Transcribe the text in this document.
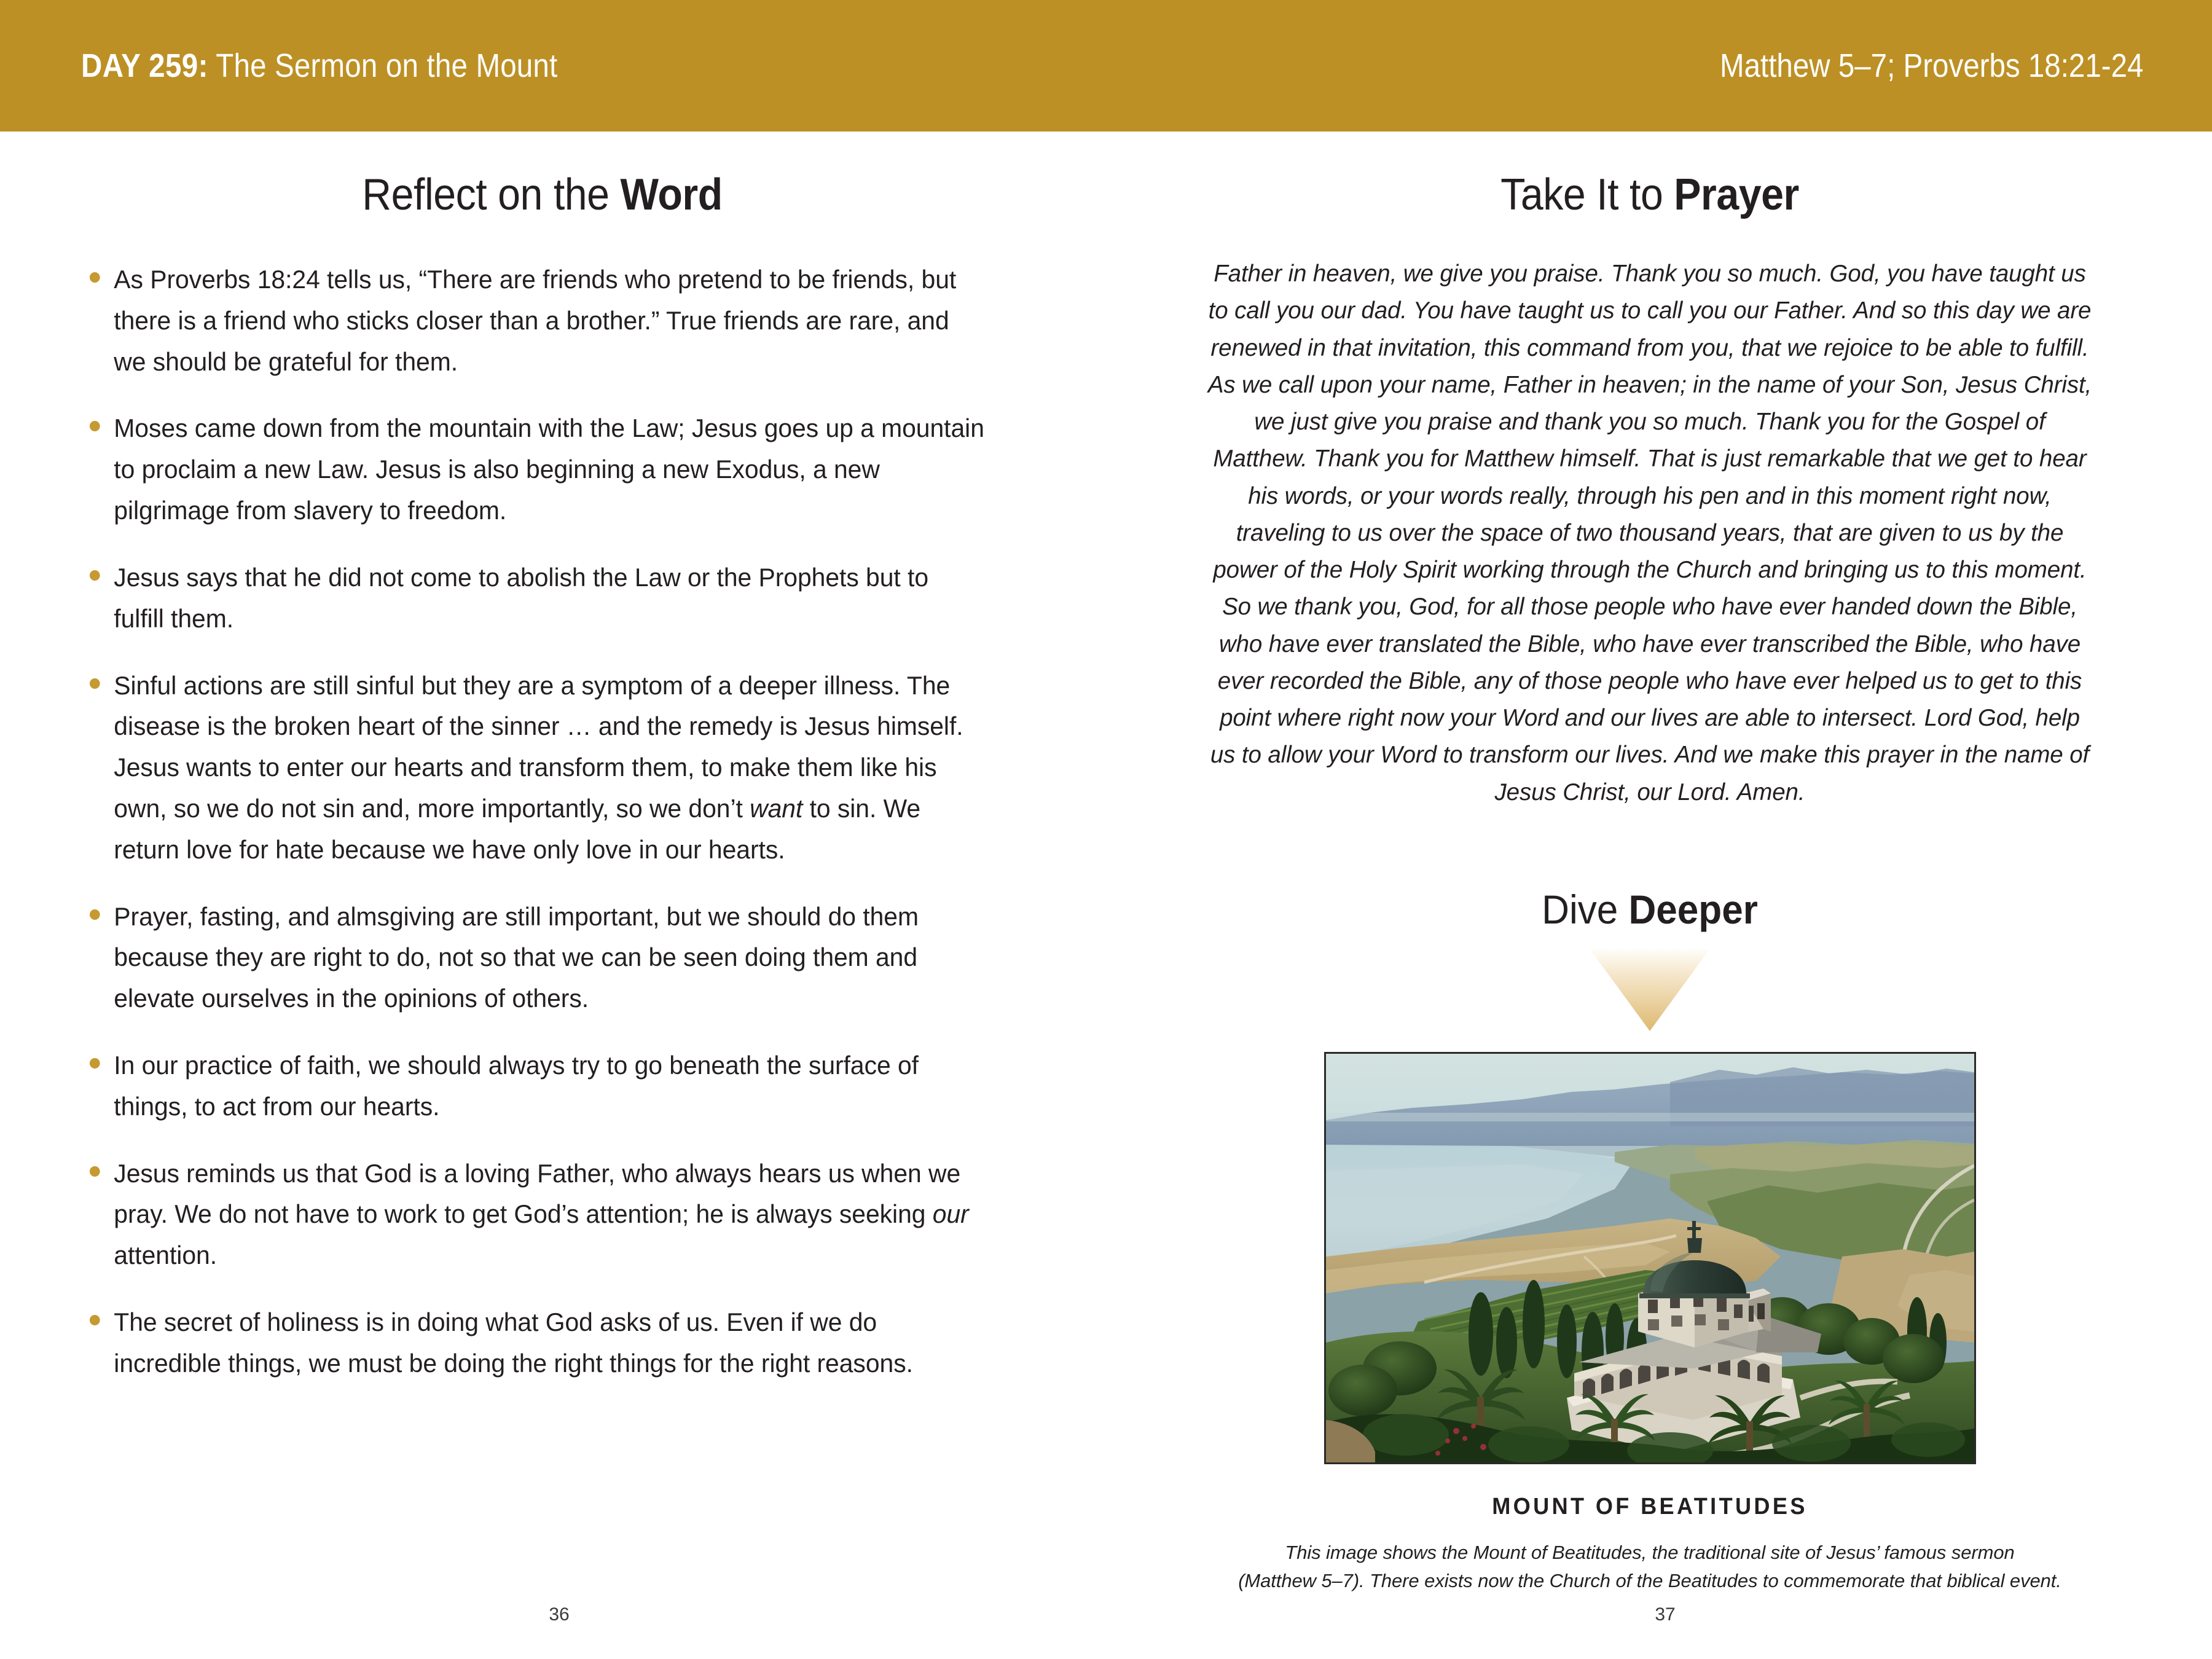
DAY 259: The Sermon on the Mount	Matthew 5–7; Proverbs 18:21-24
Reflect on the Word
As Proverbs 18:24 tells us, “There are friends who pretend to be friends, but there is a friend who sticks closer than a brother.” True friends are rare, and we should be grateful for them.
Moses came down from the mountain with the Law; Jesus goes up a mountain to proclaim a new Law. Jesus is also beginning a new Exodus, a new pilgrimage from slavery to freedom.
Jesus says that he did not come to abolish the Law or the Prophets but to fulfill them.
Sinful actions are still sinful but they are a symptom of a deeper illness. The disease is the broken heart of the sinner … and the remedy is Jesus himself. Jesus wants to enter our hearts and transform them, to make them like his own, so we do not sin and, more importantly, so we don’t want to sin. We return love for hate because we have only love in our hearts.
Prayer, fasting, and almsgiving are still important, but we should do them because they are right to do, not so that we can be seen doing them and elevate ourselves in the opinions of others.
In our practice of faith, we should always try to go beneath the surface of things, to act from our hearts.
Jesus reminds us that God is a loving Father, who always hears us when we pray. We do not have to work to get God’s attention; he is always seeking our attention.
The secret of holiness is in doing what God asks of us. Even if we do incredible things, we must be doing the right things for the right reasons.
Take It to Prayer

Father in heaven, we give you praise. Thank you so much. God, you have taught us to call you our dad. You have taught us to call you our Father. And so this day we are renewed in that invitation, this command from you, that we rejoice to be able to fulfill. As we call upon your name, Father in heaven; in the name of your Son, Jesus Christ, we just give you praise and thank you so much. Thank you for the Gospel of Matthew. Thank you for Matthew himself. That is just remarkable that we get to hear his words, or your words really, through his pen and in this moment right now, traveling to us over the space of two thousand years, that are given to us by the power of the Holy Spirit working through the Church and bringing us to this moment. So we thank you, God, for all those people who have ever handed down the Bible, who have ever translated the Bible, who have ever transcribed the Bible, who have ever recorded the Bible, any of those people who have ever helped us to get to this point where right now your Word and our lives are able to intersect. Lord God, help us to allow your Word to transform our lives. And we make this prayer in the name of Jesus Christ, our Lord. Amen.

Dive Deeper
MOUNT OF BEATITUDES
This image shows the Mount of Beatitudes, the traditional site of Jesus’ famous sermon
(Matthew 5–7). There exists now the Church of the Beatitudes to commemorate that biblical event.
36	37
